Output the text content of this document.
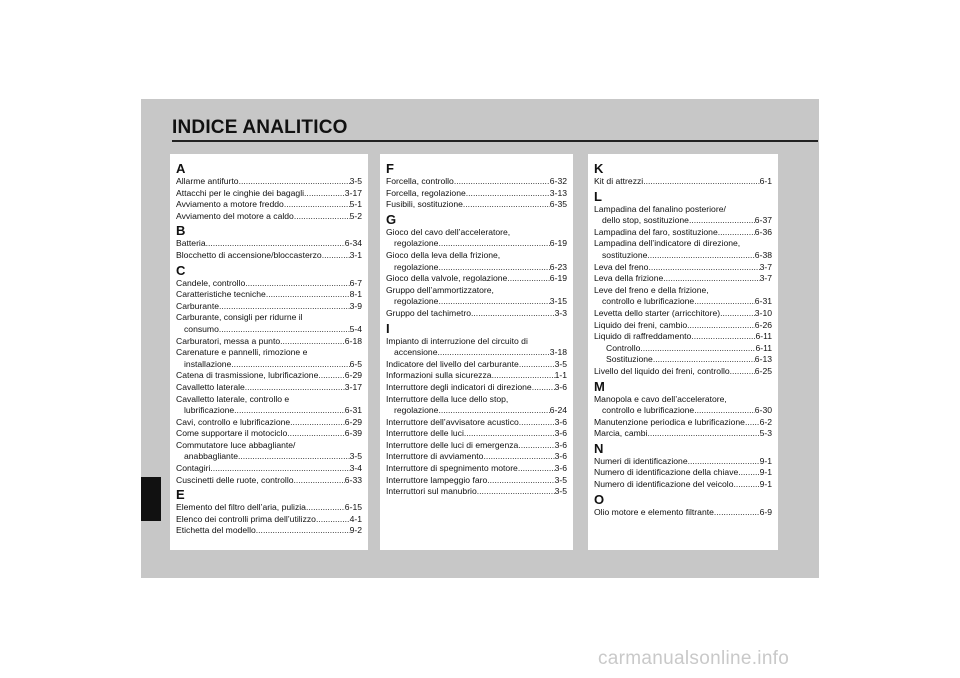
INDICE ANALITICO
A
Allarme antifurto .....	3-5
Attacchi per le cinghie dei bagagli .....	3-17
Avviamento a motore freddo .....	5-1
Avviamento del motore a caldo .....	5-2
B
Batteria .....	6-34
Blocchetto di accensione/bloccasterzo .....	3-1
C
Candele, controllo .....	6-7
Caratteristiche tecniche .....	8-1
Carburante .....	3-9
Carburante, consigli per ridurne il
consumo .....	5-4
Carburatori, messa a punto .....	6-18
Carenature e pannelli, rimozione e
installazione .....	6-5
Catena di trasmissione, lubrificazione .....	6-29
Cavalletto laterale .....	3-17
Cavalletto laterale, controllo e
lubrificazione .....	6-31
Cavi, controllo e lubrificazione .....	6-29
Come supportare il motociclo .....	6-39
Commutatore luce abbagliante/
anabbagliante .....	3-5
Contagiri .....	3-4
Cuscinetti delle ruote, controllo .....	6-33
E
Elemento del filtro dell’aria, pulizia .....	6-15
Elenco dei controlli prima dell’utilizzo .....	4-1
Etichetta del modello .....	9-2
F
Forcella, controllo .....	6-32
Forcella, regolazione .....	3-13
Fusibili, sostituzione .....	6-35
G
Gioco del cavo dell’acceleratore,
regolazione .....	6-19
Gioco della leva della frizione,
regolazione .....	6-23
Gioco della valvole, regolazione .....	6-19
Gruppo dell’ammortizzatore,
regolazione .....	3-15
Gruppo del tachimetro .....	3-3
I
Impianto di interruzione del circuito di
accensione .....	3-18
Indicatore del livello del carburante .....	3-5
Informazioni sulla sicurezza .....	1-1
Interruttore degli indicatori di direzione .....	3-6
Interruttore della luce dello stop,
regolazione .....	6-24
Interruttore dell’avvisatore acustico .....	3-6
Interruttore delle luci .....	3-6
Interruttore delle luci di emergenza .....	3-6
Interruttore di avviamento .....	3-6
Interruttore di spegnimento motore .....	3-6
Interruttore lampeggio faro .....	3-5
Interruttori sul manubrio .....	3-5
K
Kit di attrezzi .....	6-1
L
Lampadina del fanalino posteriore/
dello stop, sostituzione .....	6-37
Lampadina del faro, sostituzione .....	6-36
Lampadina dell’indicatore di direzione,
sostituzione .....	6-38
Leva del freno .....	3-7
Leva della frizione .....	3-7
Leve del freno e della frizione,
controllo e lubrificazione .....	6-31
Levetta dello starter (arricchitore) .....	3-10
Liquido dei freni, cambio .....	6-26
Liquido di raffreddamento .....	6-11
Controllo .....	6-11
Sostituzione .....	6-13
Livello del liquido dei freni, controllo .....	6-25
M
Manopola e cavo dell’acceleratore,
controllo e lubrificazione .....	6-30
Manutenzione periodica e lubrificazione ..... 6-2
Marcia, cambi .....	5-3
N
Numeri di identificazione .....	9-1
Numero di identificazione della chiave ..... 9-1
Numero di identificazione del veicolo .....	9-1
O
Olio motore e elemento filtrante .....	6-9
carmanualsonline.info
